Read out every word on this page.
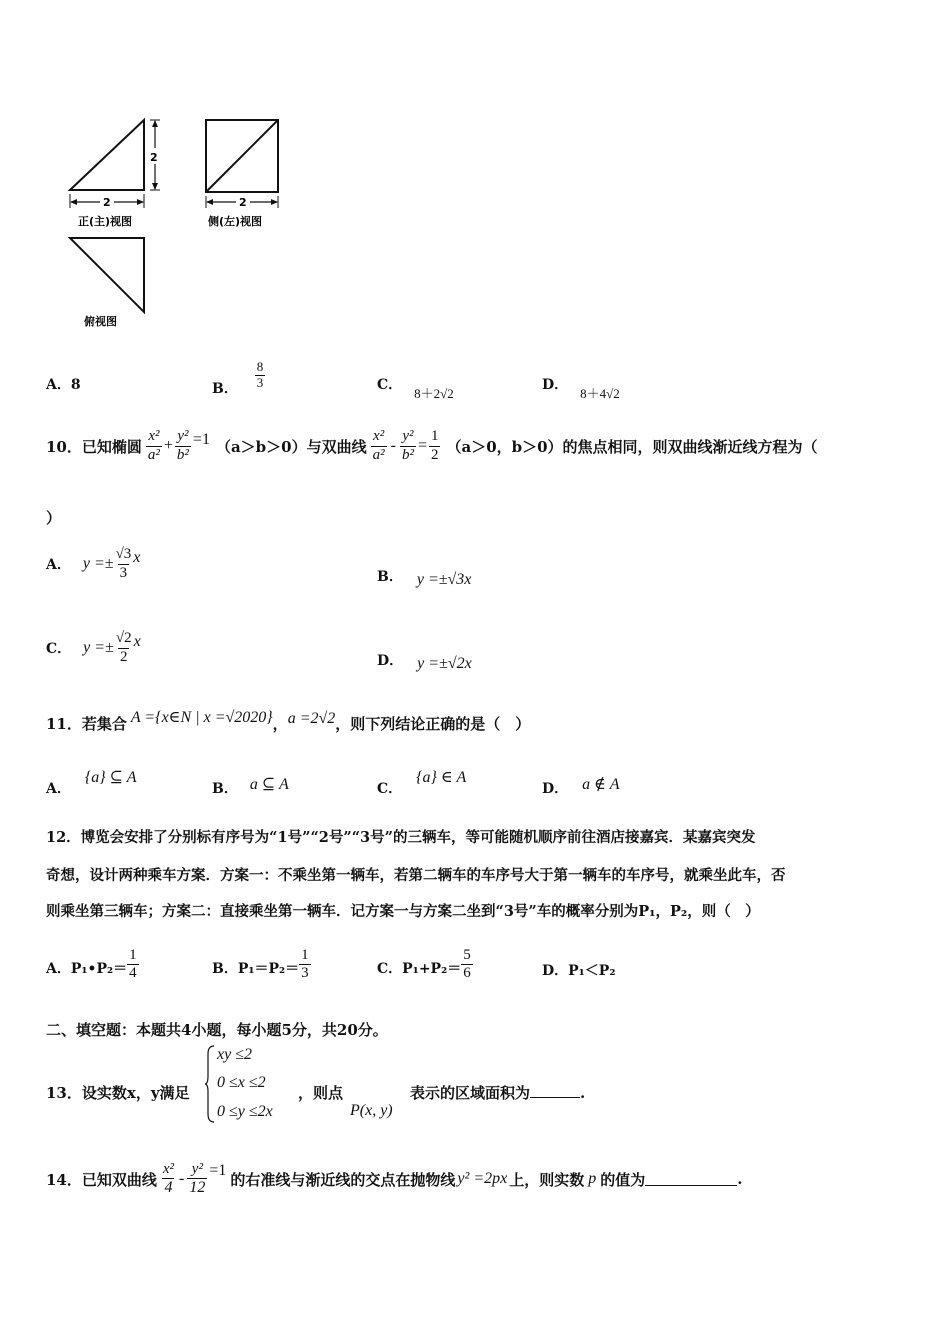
2
2
正(主)视图
2
侧(左)视图
俯视图
A．8	B． $\frac{8}{3}$	C．8＋2√2
D．8＋4√2
10． 已知椭圆 $\frac{\text{x²}}{\text{a²}} + \frac{\text{y²}}{\text{b²}} =1$ （a＞b＞0）与双曲线 $\frac{\text{x²}}{\text{a²}} - \frac{\text{y²}}{\text{b²}} = \frac{1}{2} (a>0$，b＞0）的焦点相同，则双曲线渐近线方程为（
）
A． $y =\pm \frac{√3}{3}$ x
B． y =±√3x
C． $y =\pm \frac{√2}{2}$ x
D． y =±√2x
11． 若集合 A ={x∈N | x =√2020} ， a =2√2 ，则下列结论正确的是（　）
A．
{a} ⊆ A
B． a ⊆ A	C．
{a} ∈ A
D． a ∉ A
12．博览会安排了分别标有序号为“1号”“2号”“3号”的三辆车，等可能随机顺序前往酒店接嘉宾．某嘉宾突发
奇想，设计两种乘车方案．方案一：不乘坐第一辆车，若第二辆车的车序号大于第一辆车的车序号，就乘坐此车，否
则乘坐第三辆车；方案二：直接乘坐第一辆车．记方案一与方案二坐到“3号”车的概率分别为P₁，P₂，则（　）
A． P₁•P₂＝ $\frac{1}{4}$	B． $P_1=P_2= \frac{1}{3}$	C． $P_1+P_2= \frac{5}{6}$	D．P₁＜P₂
二、填空题：本题共4小题，每小题5分，共20分。
13．设实数x，y满足
xy ≤2
0 ≤x ≤2
0 ≤y ≤2x
，则点
P(x, y)
表示的区域面积为	.
14． 已知双曲线 $\frac{\text{x²}}{4} - \frac{\text{y²}}{12} =1$ 的右准线与渐近线的交点在抛物线 y² =2px 上，则实数 p 的值为	.
